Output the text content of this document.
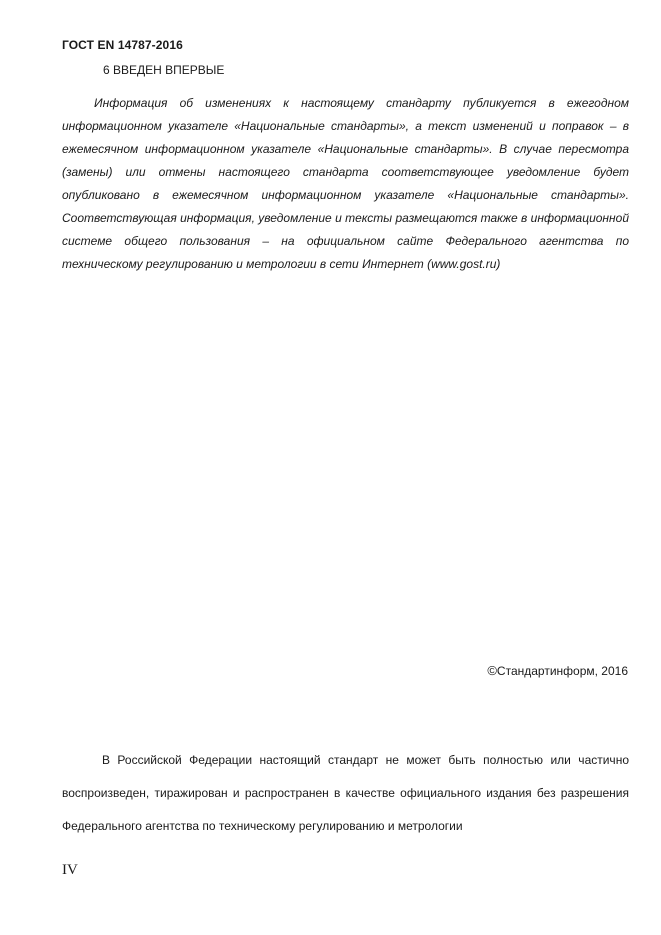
ГОСТ EN 14787-2016
6 ВВЕДЕН ВПЕРВЫЕ

Информация об изменениях к настоящему стандарту публикуется в ежегодном информационном указателе «Национальные стандарты», а текст изменений и поправок – в ежемесячном информационном указателе «Национальные стандарты». В случае пересмотра (замены) или отмены настоящего стандарта соответствующее уведомление будет опубликовано в ежемесячном информационном указателе «Национальные стандарты». Соответствующая информация, уведомление и тексты размещаются также в информационной системе общего пользования – на официальном сайте Федерального агентства по техническому регулированию и метрологии в сети Интернет (www.gost.ru)

©Стандартинформ, 2016

В Российской Федерации настоящий стандарт не может быть полностью или частично воспроизведен, тиражирован и распространен в качестве официального издания без разрешения Федерального агентства по техническому регулированию и метрологии

IV
